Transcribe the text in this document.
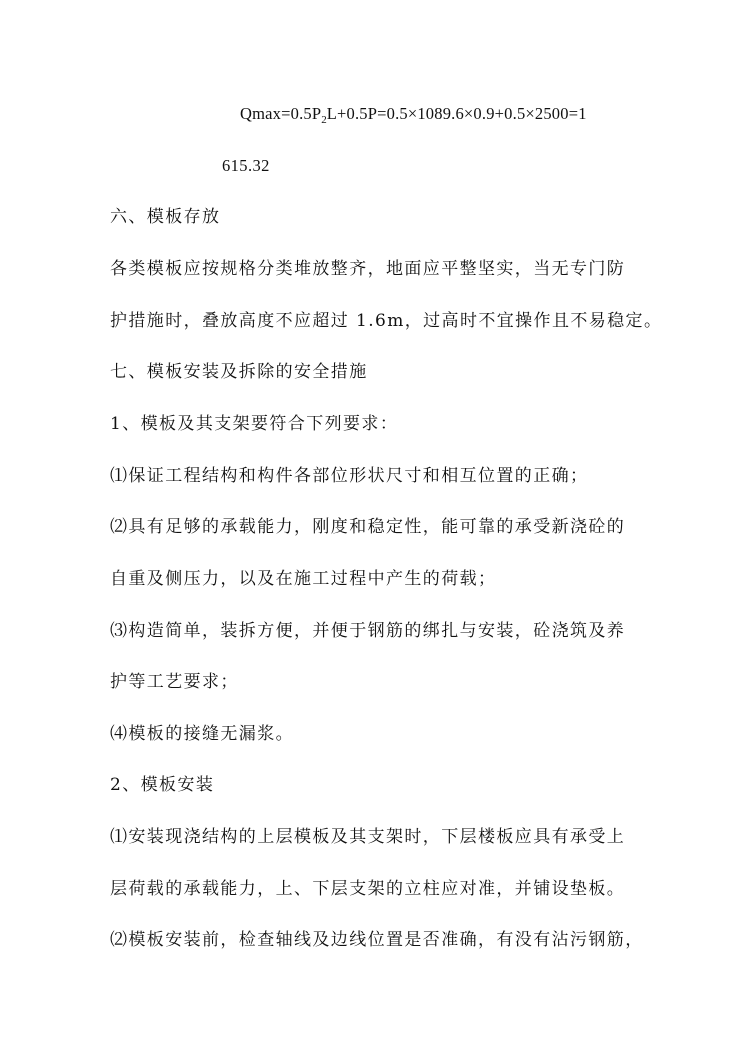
$Qmax=0.5P_2L+0.5P=0.5\times 1089.6\times 0.9+0.5\times 2500=1$
615.32
六、模板存放
各类模板应按规格分类堆放整齐，地面应平整坚实，当无专门防
护措施时，叠放高度不应超过 1.6m，过高时不宜操作且不易稳定。
七、模板安装及拆除的安全措施
1、模板及其支架要符合下列要求：
⑴保证工程结构和构件各部位形状尺寸和相互位置的正确；
⑵具有足够的承载能力，刚度和稳定性，能可靠的承受新浇砼的
自重及侧压力，以及在施工过程中产生的荷载；
⑶构造简单，装拆方便，并便于钢筋的绑扎与安装，砼浇筑及养
护等工艺要求；
⑷模板的接缝无漏浆。
2、模板安装
⑴安装现浇结构的上层模板及其支架时，下层楼板应具有承受上
层荷载的承载能力，上、下层支架的立柱应对准，并铺设垫板。
⑵模板安装前，检查轴线及边线位置是否准确，有没有沾污钢筋，
